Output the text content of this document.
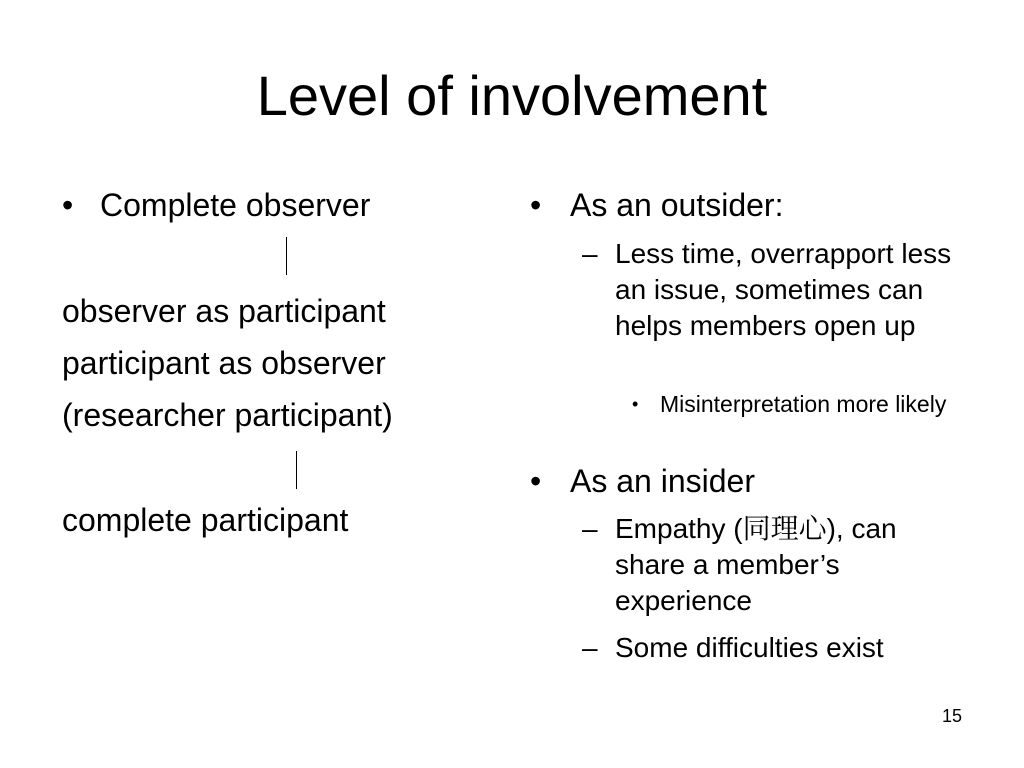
Level of involvement
• Complete observer
observer as participant
participant as observer
(researcher participant)
complete participant
• As an outsider:
– Less time, overrapport less an issue, sometimes can helps members open up
• Misinterpretation more likely
• As an insider
– Empathy (同理心), can share a member’s experience
– Some difficulties exist
15
